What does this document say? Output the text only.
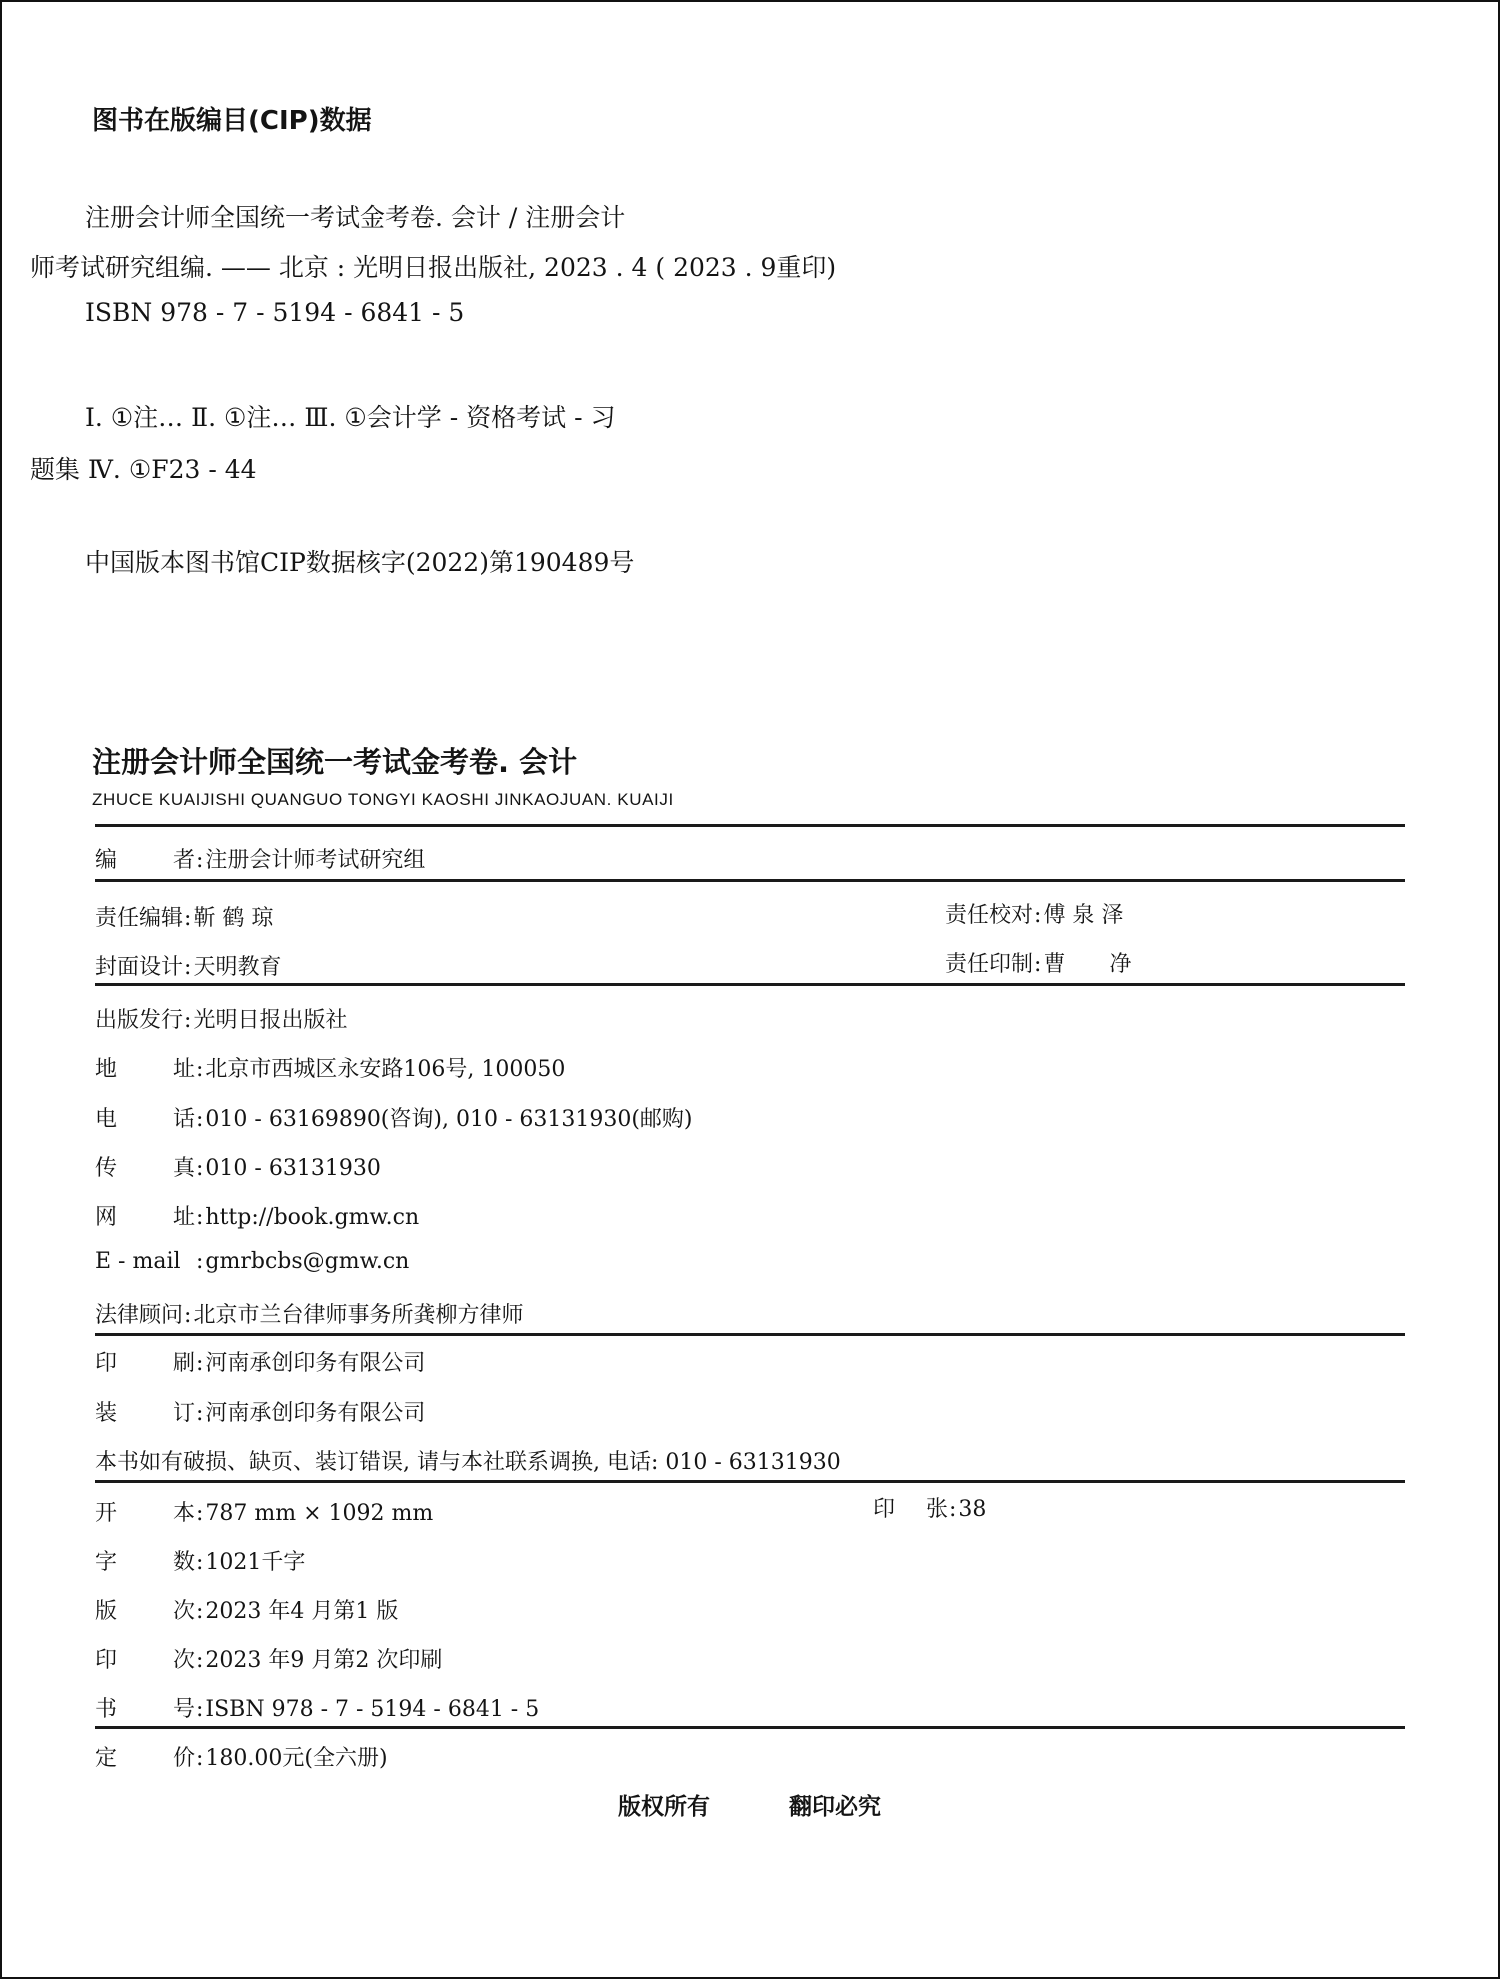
图书在版编目(CIP)数据
注册会计师全国统一考试金考卷. 会计 / 注册会计
师考试研究组编. —— 北京 : 光明日报出版社, 2023 . 4 ( 2023 . 9重印)
ISBN 978 - 7 - 5194 - 6841 - 5
Ⅰ. ①注… Ⅱ. ①注… Ⅲ. ①会计学 - 资格考试 - 习
题集 Ⅳ. ①F23 - 44
中国版本图书馆CIP数据核字(2022)第190489号
注册会计师全国统一考试金考卷. 会计
ZHUCE KUAIJISHI QUANGUO TONGYI KAOSHI JINKAOJUAN. KUAIJI
编	者 : 注册会计师考试研究组
责任编辑 : 靳 鹤 琼	责任校对 : 傅 泉 泽
封面设计 : 天明教育	责任印制 : 曹　　净
出版发行 : 光明日报出版社
地	址 : 北京市西城区永安路106号, 100050
电	话 : 010 - 63169890(咨询), 010 - 63131930(邮购)
传	真 : 010 - 63131930
网	址 : http://book.gmw.cn
E - mail : gmrbcbs@gmw.cn
法律顾问 : 北京市兰台律师事务所龚柳方律师
印	刷 : 河南承创印务有限公司
装	订 : 河南承创印务有限公司
本书如有破损、缺页、装订错误, 请与本社联系调换, 电话: 010 - 63131930
开	本 : 787 mm × 1092 mm	印 张 : 38
字	数 : 1021千字
版	次 : 2023 年4 月第1 版
印	次 : 2023 年9 月第2 次印刷
书	号 : ISBN 978 - 7 - 5194 - 6841 - 5
定	价 : 180.00元(全六册)
版权所有	翻印必究
